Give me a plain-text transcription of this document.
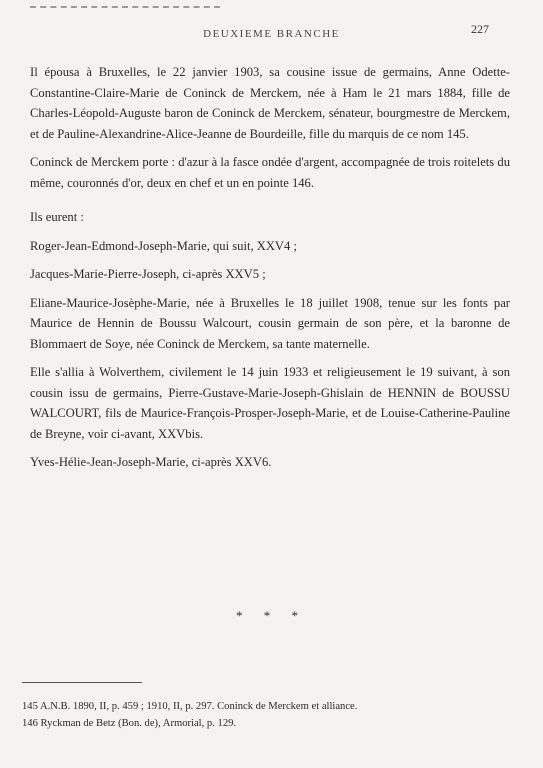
DEUXIEME BRANCHE	227

Il épousa à Bruxelles, le 22 janvier 1903, sa cousine issue de germains, Anne Odette-Constantine-Claire-Marie de Coninck de Merckem, née à Ham le 21 mars 1884, fille de Charles-Léopold-Auguste baron de Coninck de Merckem, sénateur, bourgmestre de Merckem, et de Pauline-Alexandrine-Alice-Jeanne de Bourdeille, fille du marquis de ce nom 145.

Coninck de Merckem porte : d'azur à la fasce ondée d'argent, accompagnée de trois roitelets du même, couronnés d'or, deux en chef et un en pointe 146.

Ils eurent :

Roger-Jean-Edmond-Joseph-Marie, qui suit, XXV4 ;

Jacques-Marie-Pierre-Joseph, ci-après XXV5 ;

Eliane-Maurice-Josèphe-Marie, née à Bruxelles le 18 juillet 1908, tenue sur les fonts par Maurice de Hennin de Boussu Walcourt, cousin germain de son père, et la baronne de Blommaert de Soye, née Coninck de Merckem, sa tante maternelle.

Elle s'allia à Wolverthem, civilement le 14 juin 1933 et religieusement le 19 suivant, à son cousin issu de germains, Pierre-Gustave-Marie-Joseph-Ghislain de HENNIN de BOUSSU WALCOURT, fils de Maurice-François-Prosper-Joseph-Marie, et de Louise-Catherine-Pauline de Breyne, voir ci-avant, XXVbis.

Yves-Hélie-Jean-Joseph-Marie, ci-après XXV6.

* * *
145 A.N.B. 1890, II, p. 459 ; 1910, II, p. 297. Coninck de Merckem et alliance.
146 Ryckman de Betz (Bon. de), Armorial, p. 129.
